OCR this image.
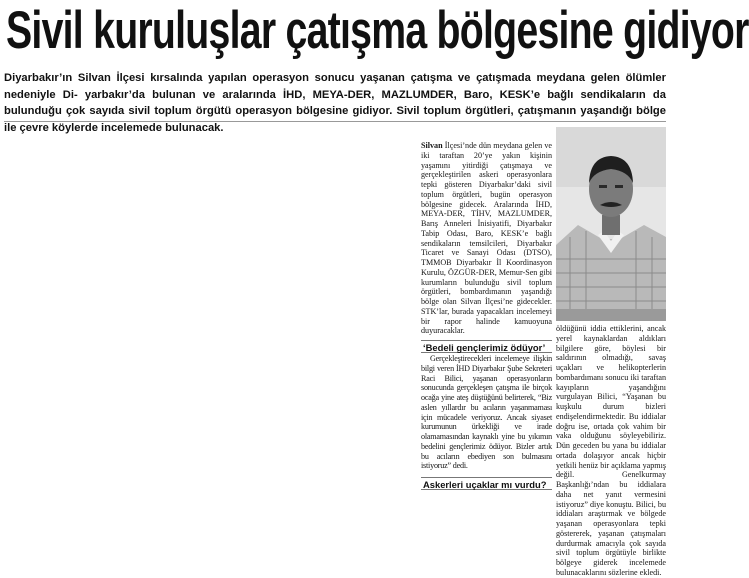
Sivil kuruluşlar çatışma bölgesine gidiyor
Diyarbakır’ın Silvan İlçesi kırsalında yapılan operasyon sonucu yaşanan çatışma ve çatışmada meydana gelen ölümler nedeniyle Di- yarbakır’da bulunan ve aralarında İHD, MEYA-DER, MAZLUMDER, Baro, KESK’e bağlı sendikaların da bulunduğu çok sayıda sivil toplum örgütü operasyon bölgesine gidiyor. Sivil toplum örgütleri, çatışmanın yaşandığı bölge ile çevre köylerde incelemede bulunacak.

Silvan İlçesi’nde dün meydana gelen ve iki taraftan 20’ye yakın kişinin yaşamını yitirdiği çatışmaya ve gerçekleştirilen askeri operasyonlara tepki gösteren Diyarbakır’daki sivil toplum örgütleri, bugün operasyon bölgesine gidecek. Aralarında İHD, MEYA-DER, TİHV, MAZLUMDER, Barış Anneleri İnisiyatifi, Diyarbakır Tabip Odası, Baro, KESK’e bağlı sendikaların temsilcileri, Diyarbakır Ticaret ve Sanayi Odası (DTSO), TMMOB Diyarbakır İl Koordinasyon Kurulu, ÖZGÜR-DER, Memur-Sen gibi kurumların bulunduğu sivil toplum örgütleri, bombardımanın yaşandığı bölge olan Silvan İlçesi’ne gidecekler. STK’lar, burada yapacakları incelemeyi bir rapor halinde kamuoyuna duyuracaklar.

‘Bedeli gençlerimiz ödüyor’

Gerçekleştirecekleri incelemeye ilişkin bilgi veren İHD Diyarbakır Şube Sekreteri Raci Bilici, yaşanan operasyonların sonucunda gerçekleşen çatışma ile birçok ocağa yine ateş düştüğünü belirterek, “Biz aslen yıllardır bu acıların yaşanmaması için mücadele veriyoruz. Ancak siyaset kurumunun ürkekliği ve irade olamamasından kaynaklı yine bu yıkımın bedelini gençlerimiz ödüyor. Bizler artık bu acıların ebediyen son bulmasını istiyoruz” dedi.

Askerleri uçaklar mı vurdu?

öldüğünü iddia ettiklerini, ancak yerel kaynaklardan aldıkları bilgilere göre, böylesi bir saldırının olmadığı, savaş uçakları ve helikopterlerin bombardımanı sonucu iki taraftan kayıpların yaşandığını vurgulayan Bilici, “Yaşanan bu kuşkulu durum bizleri endişelendirmektedir. Bu iddialar doğru ise, ortada çok vahim bir vaka olduğunu söyleyebiliriz. Dün geceden bu yana bu iddialar ortada dolaşıyor ancak hiçbir yetkili henüz bir açıklama yapmış değil. Genelkurmay Başkanlığı’ndan bu iddialara daha net yanıt vermesini istiyoruz” diye konuştu. Bilici, bu iddiaları araştırmak ve bölgede yaşanan operasyonlara tepki göstererek, yaşanan çatışmaları durdurmak amacıyla çok sayıda sivil toplum örgütüyle birlikte bölgeye giderek incelemede bulunacaklarını sözlerine ekledi.
